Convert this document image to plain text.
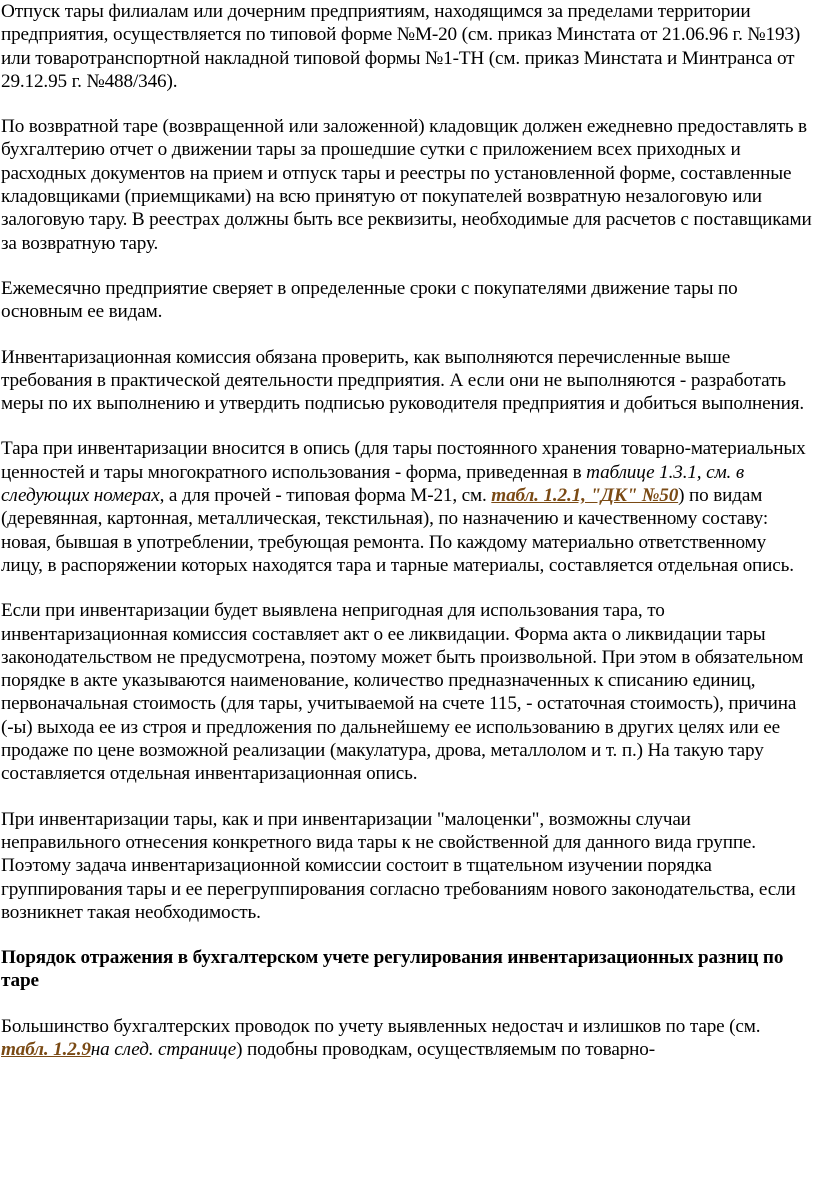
Отпуск тары филиалам или дочерним предприятиям, находящимся за пределами территории предприятия, осуществляется по типовой форме №М-20 (см. приказ Минстата от 21.06.96 г. №193) или товаротранспортной накладной типовой формы №1-ТН (см. приказ Минстата и Минтранса от 29.12.95 г. №488/346).

По возвратной таре (возвращенной или заложенной) кладовщик должен ежедневно предоставлять в бухгалтерию отчет о движении тары за прошедшие сутки с приложением всех приходных и расходных документов на прием и отпуск тары и реестры по установленной форме, составленные кладовщиками (приемщиками) на всю принятую от покупателей возвратную незалоговую или залоговую тару. В реестрах должны быть все реквизиты, необходимые для расчетов с поставщиками за возвратную тару.

Ежемесячно предприятие сверяет в определенные сроки с покупателями движение тары по основным ее видам.

Инвентаризационная комиссия обязана проверить, как выполняются перечисленные выше требования в практической деятельности предприятия. А если они не выполняются - разработать меры по их выполнению и утвердить подписью руководителя предприятия и добиться выполнения.

Тара при инвентаризации вносится в опись (для тары постоянного хранения товарно-материальных ценностей и тары многократного использования - форма, приведенная в таблице 1.3.1, см. в следующих номерах, а для прочей - типовая форма М-21, см. табл. 1.2.1, "ДК" №50) по видам (деревянная, картонная, металлическая, текстильная), по назначению и качественному составу: новая, бывшая в употреблении, требующая ремонта. По каждому материально ответственному лицу, в распоряжении которых находятся тара и тарные материалы, составляется отдельная опись.

Если при инвентаризации будет выявлена непригодная для использования тара, то инвентаризационная комиссия составляет акт о ее ликвидации. Форма акта о ликвидации тары законодательством не предусмотрена, поэтому может быть произвольной. При этом в обязательном порядке в акте указываются наименование, количество предназначенных к списанию единиц, первоначальная стоимость (для тары, учитываемой на счете 115, - остаточная стоимость), причина (-ы) выхода ее из строя и предложения по дальнейшему ее использованию в других целях или ее продаже по цене возможной реализации (макулатура, дрова, металлолом и т. п.) На такую тару составляется отдельная инвентаризационная опись.

При инвентаризации тары, как и при инвентаризации "малоценки", возможны случаи неправильного отнесения конкретного вида тары к не свойственной для данного вида группе. Поэтому задача инвентаризационной комиссии состоит в тщательном изучении порядка группирования тары и ее перегруппирования согласно требованиям нового законодательства, если возникнет такая необходимость.

Порядок отражения в бухгалтерском учете регулирования инвентаризационных разниц по таре

Большинство бухгалтерских проводок по учету выявленных недостач и излишков по таре (см. табл. 1.2.9на след. странице) подобны проводкам, осуществляемым по товарно-
